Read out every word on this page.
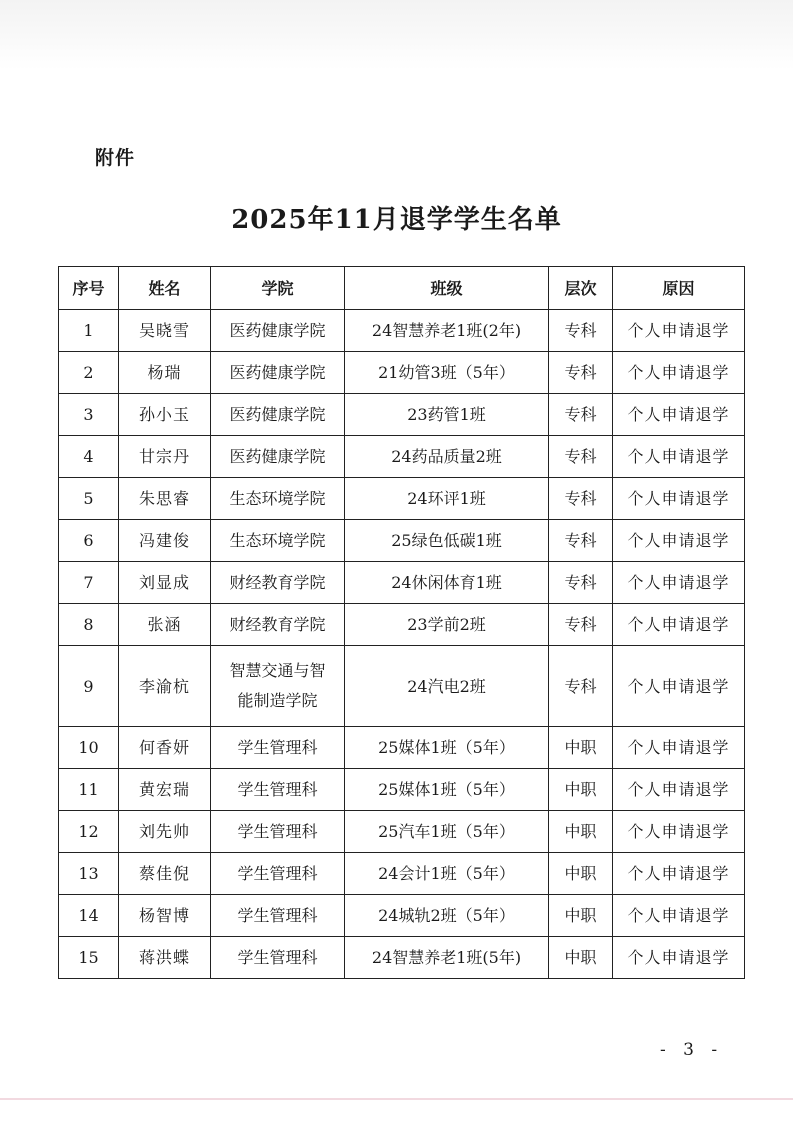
附件
2025年11月退学学生名单
序号	姓名	学院	班级	层次	原因
1	吴晓雪	医药健康学院	24智慧养老1班(2年)	专科	个人申请退学
2	杨瑞	医药健康学院	21幼管3班（5年）	专科	个人申请退学
3	孙小玉	医药健康学院	23药管1班	专科	个人申请退学
4	甘宗丹	医药健康学院	24药品质量2班	专科	个人申请退学
5	朱思睿	生态环境学院	24环评1班	专科	个人申请退学
6	冯建俊	生态环境学院	25绿色低碳1班	专科	个人申请退学
7	刘显成	财经教育学院	24休闲体育1班	专科	个人申请退学
8	张涵	财经教育学院	23学前2班	专科	个人申请退学
9	李渝杭	智慧交通与智能制造学院	24汽电2班	专科	个人申请退学
10	何香妍	学生管理科	25媒体1班（5年）	中职	个人申请退学
11	黄宏瑞	学生管理科	25媒体1班（5年）	中职	个人申请退学
12	刘先帅	学生管理科	25汽车1班（5年）	中职	个人申请退学
13	蔡佳倪	学生管理科	24会计1班（5年）	中职	个人申请退学
14	杨智博	学生管理科	24城轨2班（5年）	中职	个人申请退学
15	蒋洪蝶	学生管理科	24智慧养老1班(5年)	中职	个人申请退学
- 3 -
